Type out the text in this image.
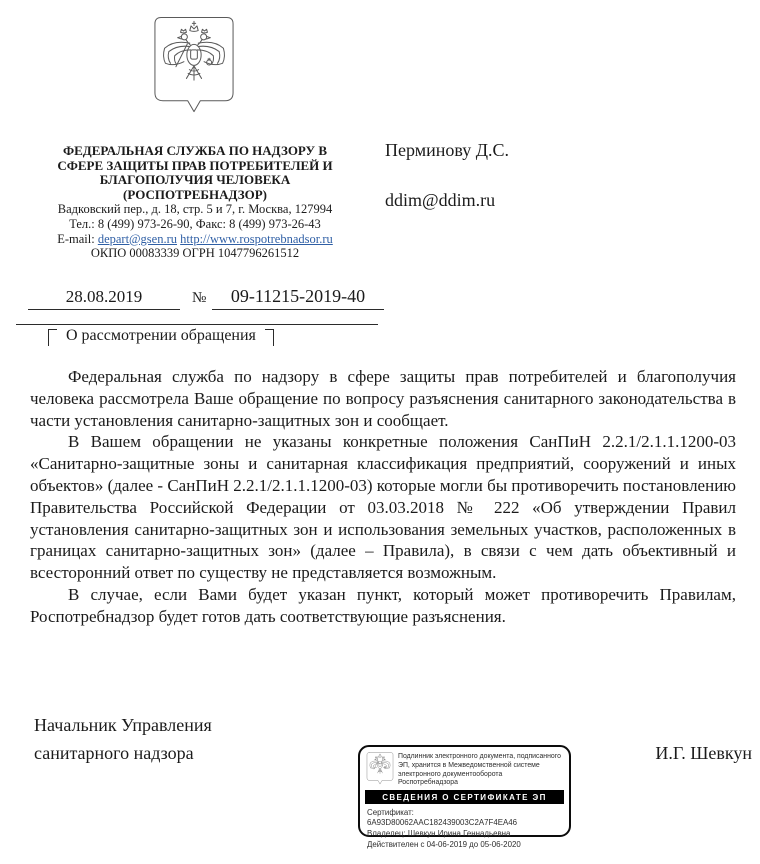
ФЕДЕРАЛЬНАЯ СЛУЖБА ПО НАДЗОРУ В
СФЕРЕ ЗАЩИТЫ ПРАВ ПОТРЕБИТЕЛЕЙ И
БЛАГОПОЛУЧИЯ ЧЕЛОВЕКА
(РОСПОТРЕБНАДЗОР)
Вадковский пер., д. 18, стр. 5 и 7, г. Москва, 127994
Тел.: 8 (499) 973-26-90, Факс: 8 (499) 973-26-43
E-mail: depart@gsen.ru http://www.rospotrebnadsor.ru
ОКПО 00083339 ОГРН 1047796261512
Перминову Д.С.
ddim@ddim.ru
28.08.2019	№	09-11215-2019-40
О рассмотрении обращения

Федеральная служба по надзору в сфере защиты прав потребителей и благополучия человека рассмотрела Ваше обращение по вопросу разъяснения санитарного законодательства в части установления санитарно-защитных зон и сообщает.

В Вашем обращении не указаны конкретные положения СанПиН 2.2.1/2.1.1.1200-03 «Санитарно-защитные зоны и санитарная классификация предприятий, сооружений и иных объектов» (далее - СанПиН 2.2.1/2.1.1.1200-03) которые могли бы противоречить постановлению Правительства Российской Федерации от 03.03.2018 № 222 «Об утверждении Правил установления санитарно-защитных зон и использования земельных участков, расположенных в границах санитарно-защитных зон» (далее – Правила), в связи с чем дать объективный и всесторонний ответ по существу не представляется возможным.

В случае, если Вами будет указан пункт, который может противоречить Правилам, Роспотребнадзор будет готов дать соответствующие разъяснения.

Начальник Управления
санитарного надзора	И.Г. Шевкун
Подлинник электронного документа, подписанного ЭП, хранится в Межведомственной системе электронного документооборота Роспотребнадзора
СВЕДЕНИЯ О СЕРТИФИКАТЕ ЭП
Сертификат: 6A93D80062AAC182439003C2A7F4EA46
Владелец: Шевкун Ирина Геннадьевна
Действителен с 04-06-2019 до 05-06-2020
